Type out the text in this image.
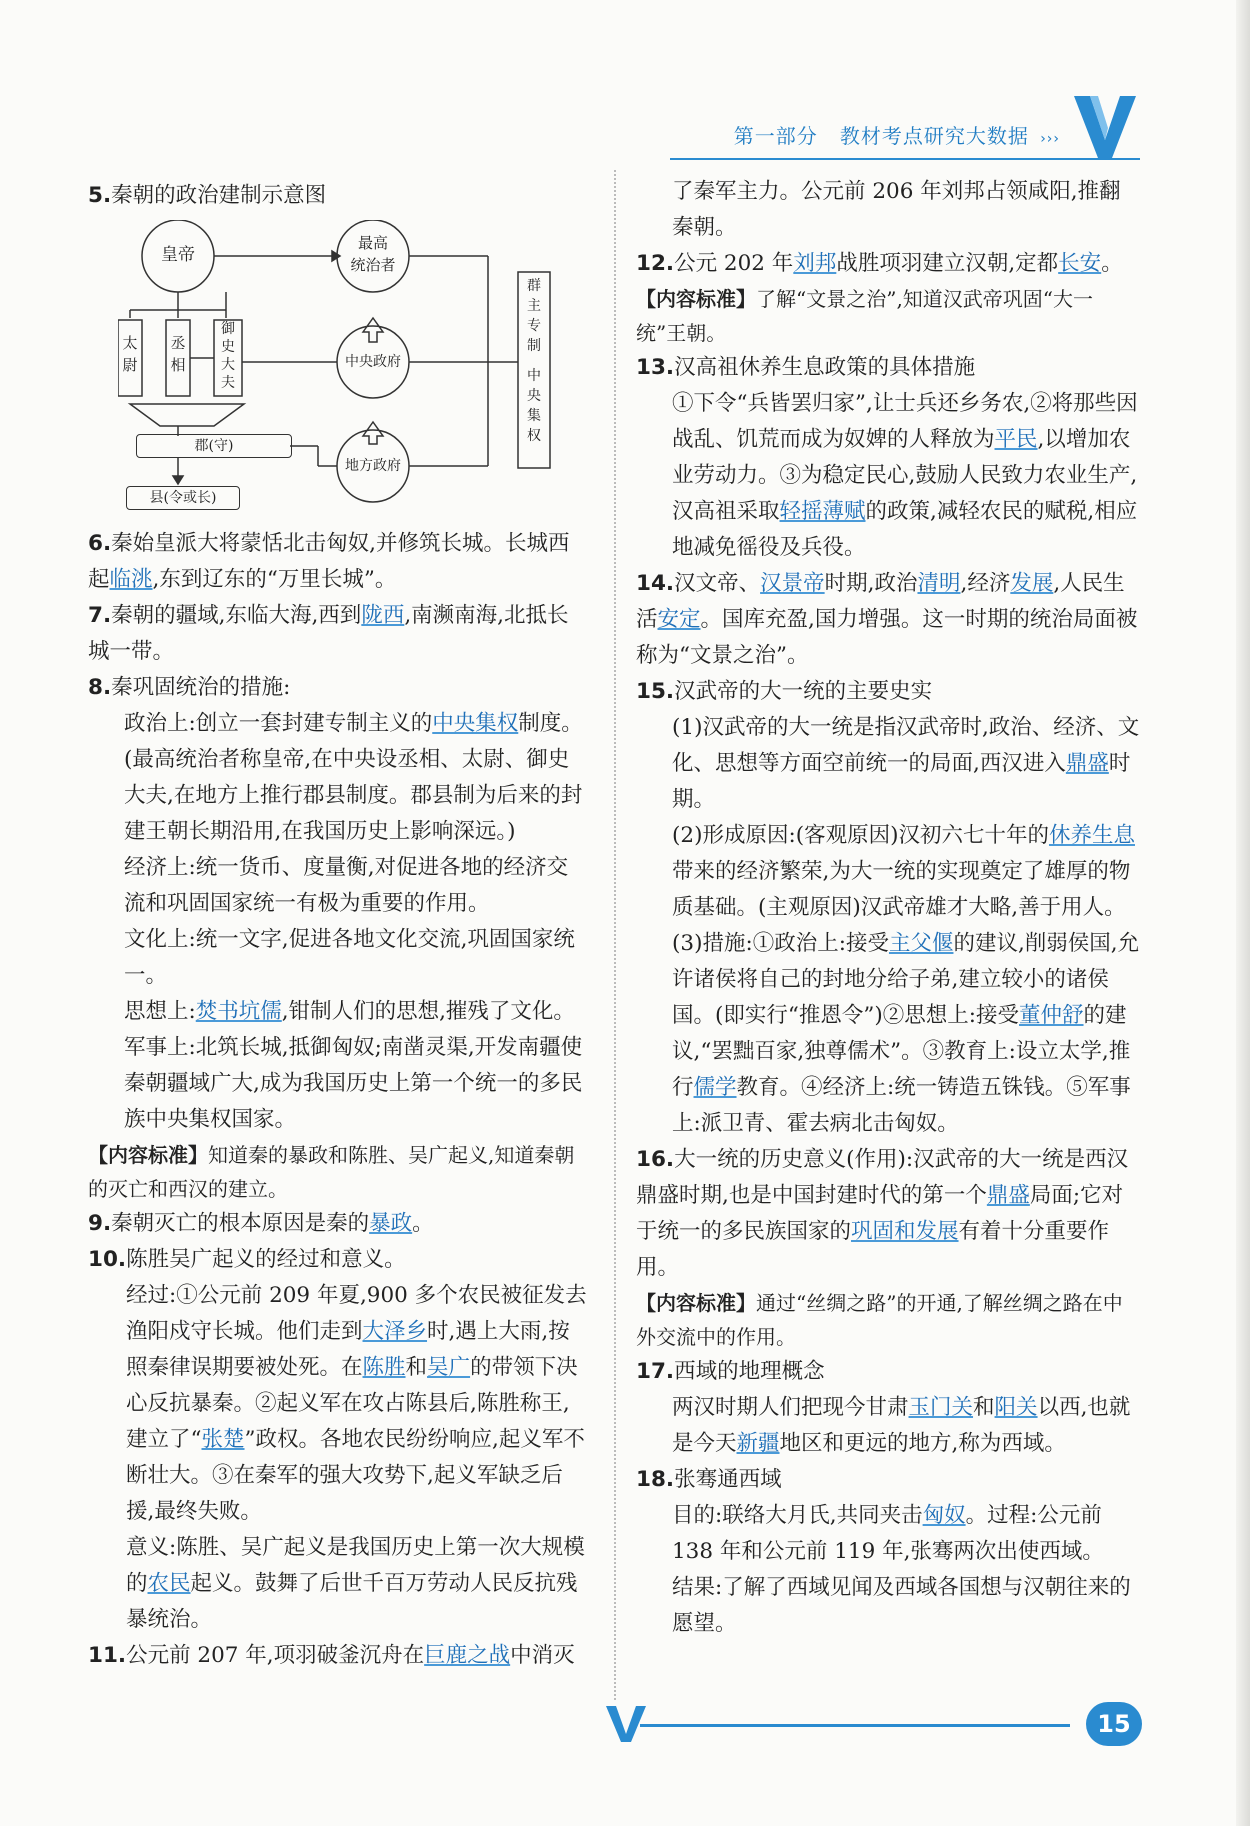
第一部分 教材考点研究大数据 ›››

5.秦朝的政治建制示意图

皇帝
最高
统治者
太
尉
丞
相
御
史
大
夫
中央政府
地方政府
郡(守)
县(令或长)
群
主
专
制
中
央
集
权

6.秦始皇派大将蒙恬北击匈奴,并修筑长城。长城西起临洮,东到辽东的“万里长城”。

7.秦朝的疆域,东临大海,西到陇西,南濒南海,北抵长城一带。

8.秦巩固统治的措施:

政治上:创立一套封建专制主义的中央集权制度。(最高统治者称皇帝,在中央设丞相、太尉、御史大夫,在地方上推行郡县制度。郡县制为后来的封建王朝长期沿用,在我国历史上影响深远。)

经济上:统一货币、度量衡,对促进各地的经济交流和巩固国家统一有极为重要的作用。

文化上:统一文字,促进各地文化交流,巩固国家统一。

思想上:焚书坑儒,钳制人们的思想,摧残了文化。

军事上:北筑长城,抵御匈奴;南凿灵渠,开发南疆使秦朝疆域广大,成为我国历史上第一个统一的多民族中央集权国家。

【内容标准】知道秦的暴政和陈胜、吴广起义,知道秦朝的灭亡和西汉的建立。

9.秦朝灭亡的根本原因是秦的暴政。

10.陈胜吴广起义的经过和意义。

经过:①公元前 209 年夏,900 多个农民被征发去渔阳戍守长城。他们走到大泽乡时,遇上大雨,按照秦律误期要被处死。在陈胜和吴广的带领下决心反抗暴秦。②起义军在攻占陈县后,陈胜称王,建立了“张楚”政权。各地农民纷纷响应,起义军不断壮大。③在秦军的强大攻势下,起义军缺乏后援,最终失败。

意义:陈胜、吴广起义是我国历史上第一次大规模的农民起义。鼓舞了后世千百万劳动人民反抗残暴统治。

11.公元前 207 年,项羽破釜沉舟在巨鹿之战中消灭

了秦军主力。公元前 206 年刘邦占领咸阳,推翻秦朝。

12.公元 202 年刘邦战胜项羽建立汉朝,定都长安。

【内容标准】了解“文景之治”,知道汉武帝巩固“大一统”王朝。

13.汉高祖休养生息政策的具体措施

①下令“兵皆罢归家”,让士兵还乡务农,②将那些因战乱、饥荒而成为奴婢的人释放为平民,以增加农业劳动力。③为稳定民心,鼓励人民致力农业生产,汉高祖采取轻摇薄赋的政策,减轻农民的赋税,相应地减免徭役及兵役。

14.汉文帝、汉景帝时期,政治清明,经济发展,人民生活安定。国库充盈,国力增强。这一时期的统治局面被称为“文景之治”。

15.汉武帝的大一统的主要史实

(1)汉武帝的大一统是指汉武帝时,政治、经济、文化、思想等方面空前统一的局面,西汉进入鼎盛时期。

(2)形成原因:(客观原因)汉初六七十年的休养生息带来的经济繁荣,为大一统的实现奠定了雄厚的物质基础。(主观原因)汉武帝雄才大略,善于用人。

(3)措施:①政治上:接受主父偃的建议,削弱侯国,允许诸侯将自己的封地分给子弟,建立较小的诸侯国。(即实行“推恩令”)②思想上:接受董仲舒的建议,“罢黜百家,独尊儒术”。③教育上:设立太学,推行儒学教育。④经济上:统一铸造五铢钱。⑤军事上:派卫青、霍去病北击匈奴。

16.大一统的历史意义(作用):汉武帝的大一统是西汉鼎盛时期,也是中国封建时代的第一个鼎盛局面;它对于统一的多民族国家的巩固和发展有着十分重要作用。

【内容标准】通过“丝绸之路”的开通,了解丝绸之路在中外交流中的作用。

17.西域的地理概念

两汉时期人们把现今甘肃玉门关和阳关以西,也就是今天新疆地区和更远的地方,称为西域。

18.张骞通西域

目的:联络大月氏,共同夹击匈奴。过程:公元前 138 年和公元前 119 年,张骞两次出使西域。

结果:了解了西域见闻及西域各国想与汉朝往来的愿望。

15
